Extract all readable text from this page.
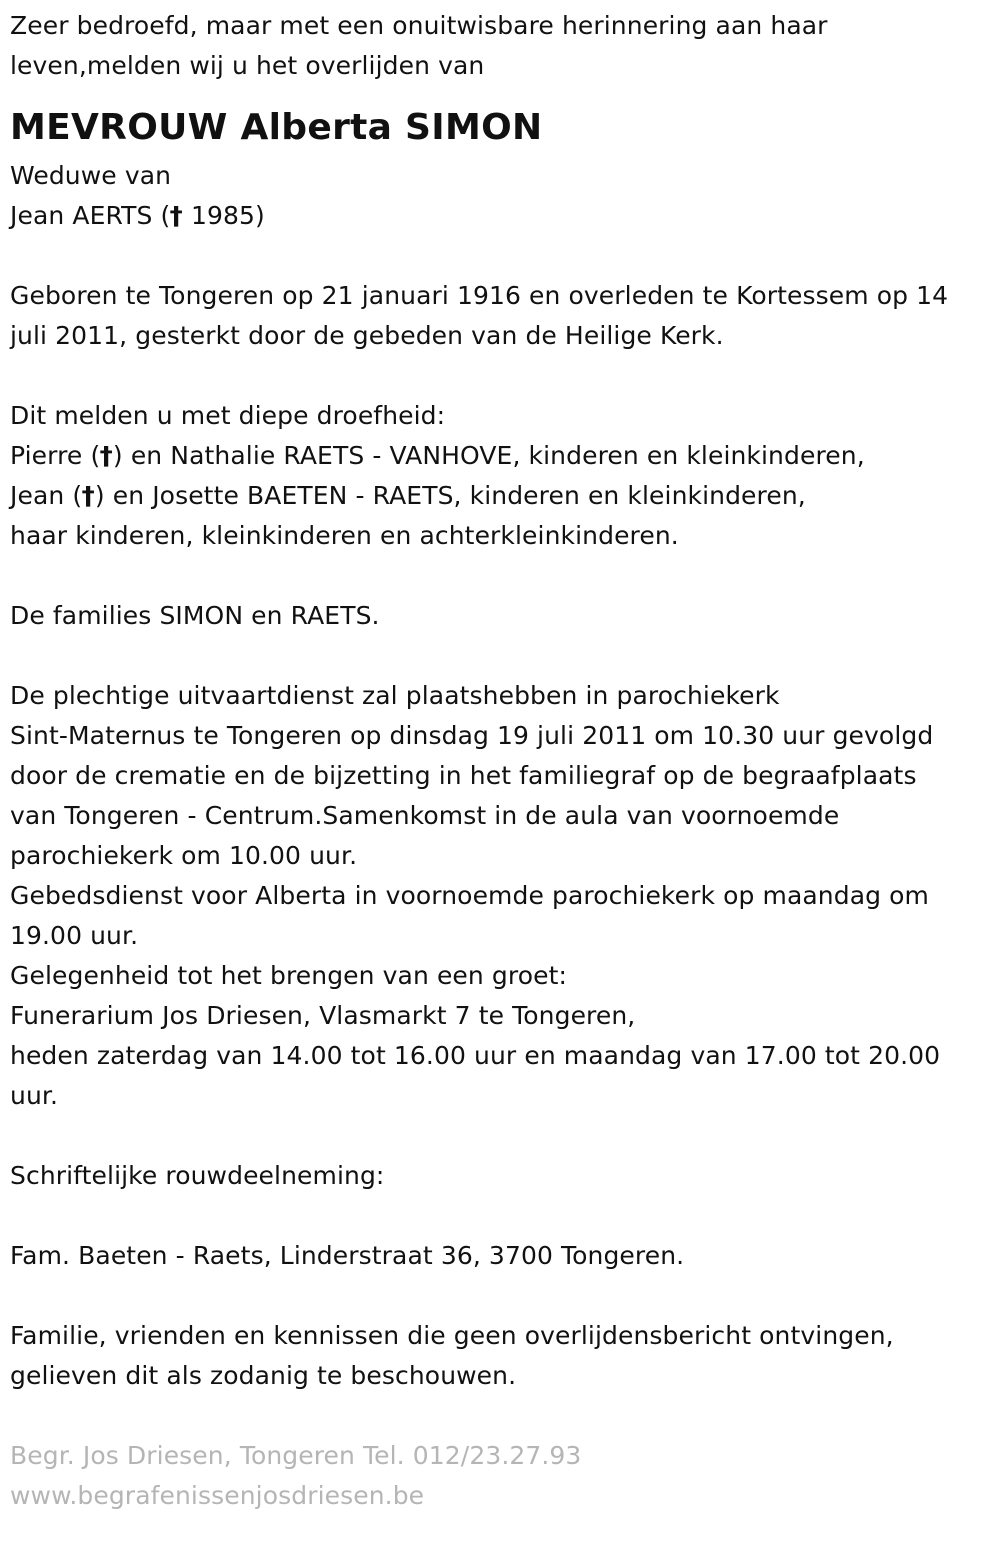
Zeer bedroefd, maar met een onuitwisbare herinnering aan haar
leven,melden wij u het overlijden van
MEVROUW Alberta SIMON
Weduwe van
Jean AERTS († 1985)
Geboren te Tongeren op 21 januari 1916 en overleden te Kortessem op 14
juli 2011, gesterkt door de gebeden van de Heilige Kerk.
Dit melden u met diepe droefheid:
Pierre (†) en Nathalie RAETS - VANHOVE, kinderen en kleinkinderen,
Jean (†) en Josette BAETEN - RAETS, kinderen en kleinkinderen,
haar kinderen, kleinkinderen en achterkleinkinderen.
De families SIMON en RAETS.
De plechtige uitvaartdienst zal plaatshebben in parochiekerk
Sint-Maternus te Tongeren op dinsdag 19 juli 2011 om 10.30 uur gevolgd
door de crematie en de bijzetting in het familiegraf op de begraafplaats
van Tongeren - Centrum.Samenkomst in de aula van voornoemde
parochiekerk om 10.00 uur.
Gebedsdienst voor Alberta in voornoemde parochiekerk op maandag om
19.00 uur.
Gelegenheid tot het brengen van een groet:
Funerarium Jos Driesen, Vlasmarkt 7 te Tongeren,
heden zaterdag van 14.00 tot 16.00 uur en maandag van 17.00 tot 20.00
uur.
Schriftelijke rouwdeelneming:
Fam. Baeten - Raets, Linderstraat 36, 3700 Tongeren.
Familie, vrienden en kennissen die geen overlijdensbericht ontvingen,
gelieven dit als zodanig te beschouwen.
Begr. Jos Driesen, Tongeren Tel. 012/23.27.93
www.begrafenissenjosdriesen.be
